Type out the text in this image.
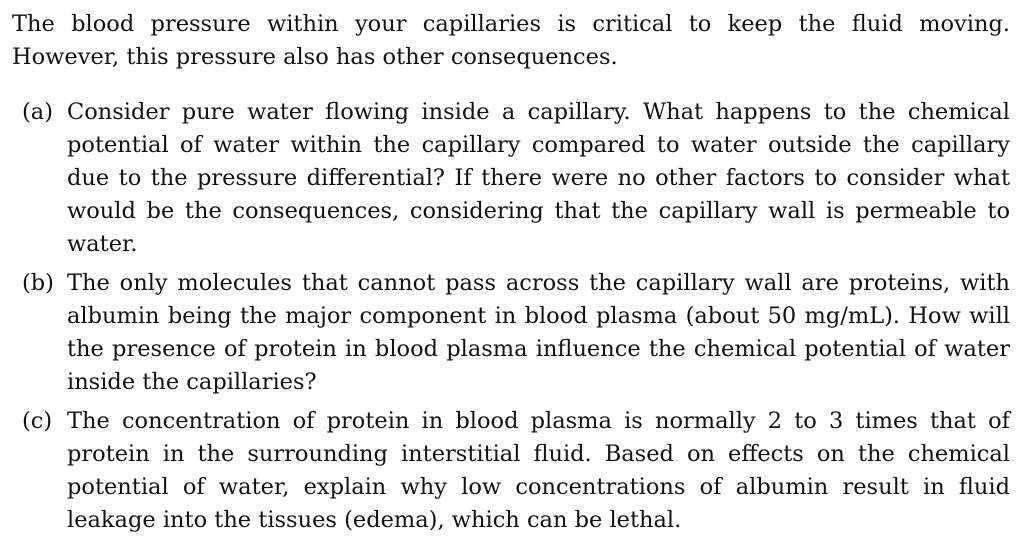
The blood pressure within your capillaries is critical to keep the fluid moving. However, this pressure also has other consequences.

(a) Consider pure water flowing inside a capillary. What happens to the chemical potential of water within the capillary compared to water outside the capillary due to the pressure differential? If there were no other factors to consider what would be the consequences, considering that the capillary wall is permeable to water.

(b) The only molecules that cannot pass across the capillary wall are proteins, with albumin being the major component in blood plasma (about 50 mg/mL). How will the presence of protein in blood plasma influence the chemical potential of water inside the capillaries?

(c) The concentration of protein in blood plasma is normally 2 to 3 times that of protein in the surrounding interstitial fluid. Based on effects on the chemical potential of water, explain why low concentrations of albumin result in fluid leakage into the tissues (edema), which can be lethal.
